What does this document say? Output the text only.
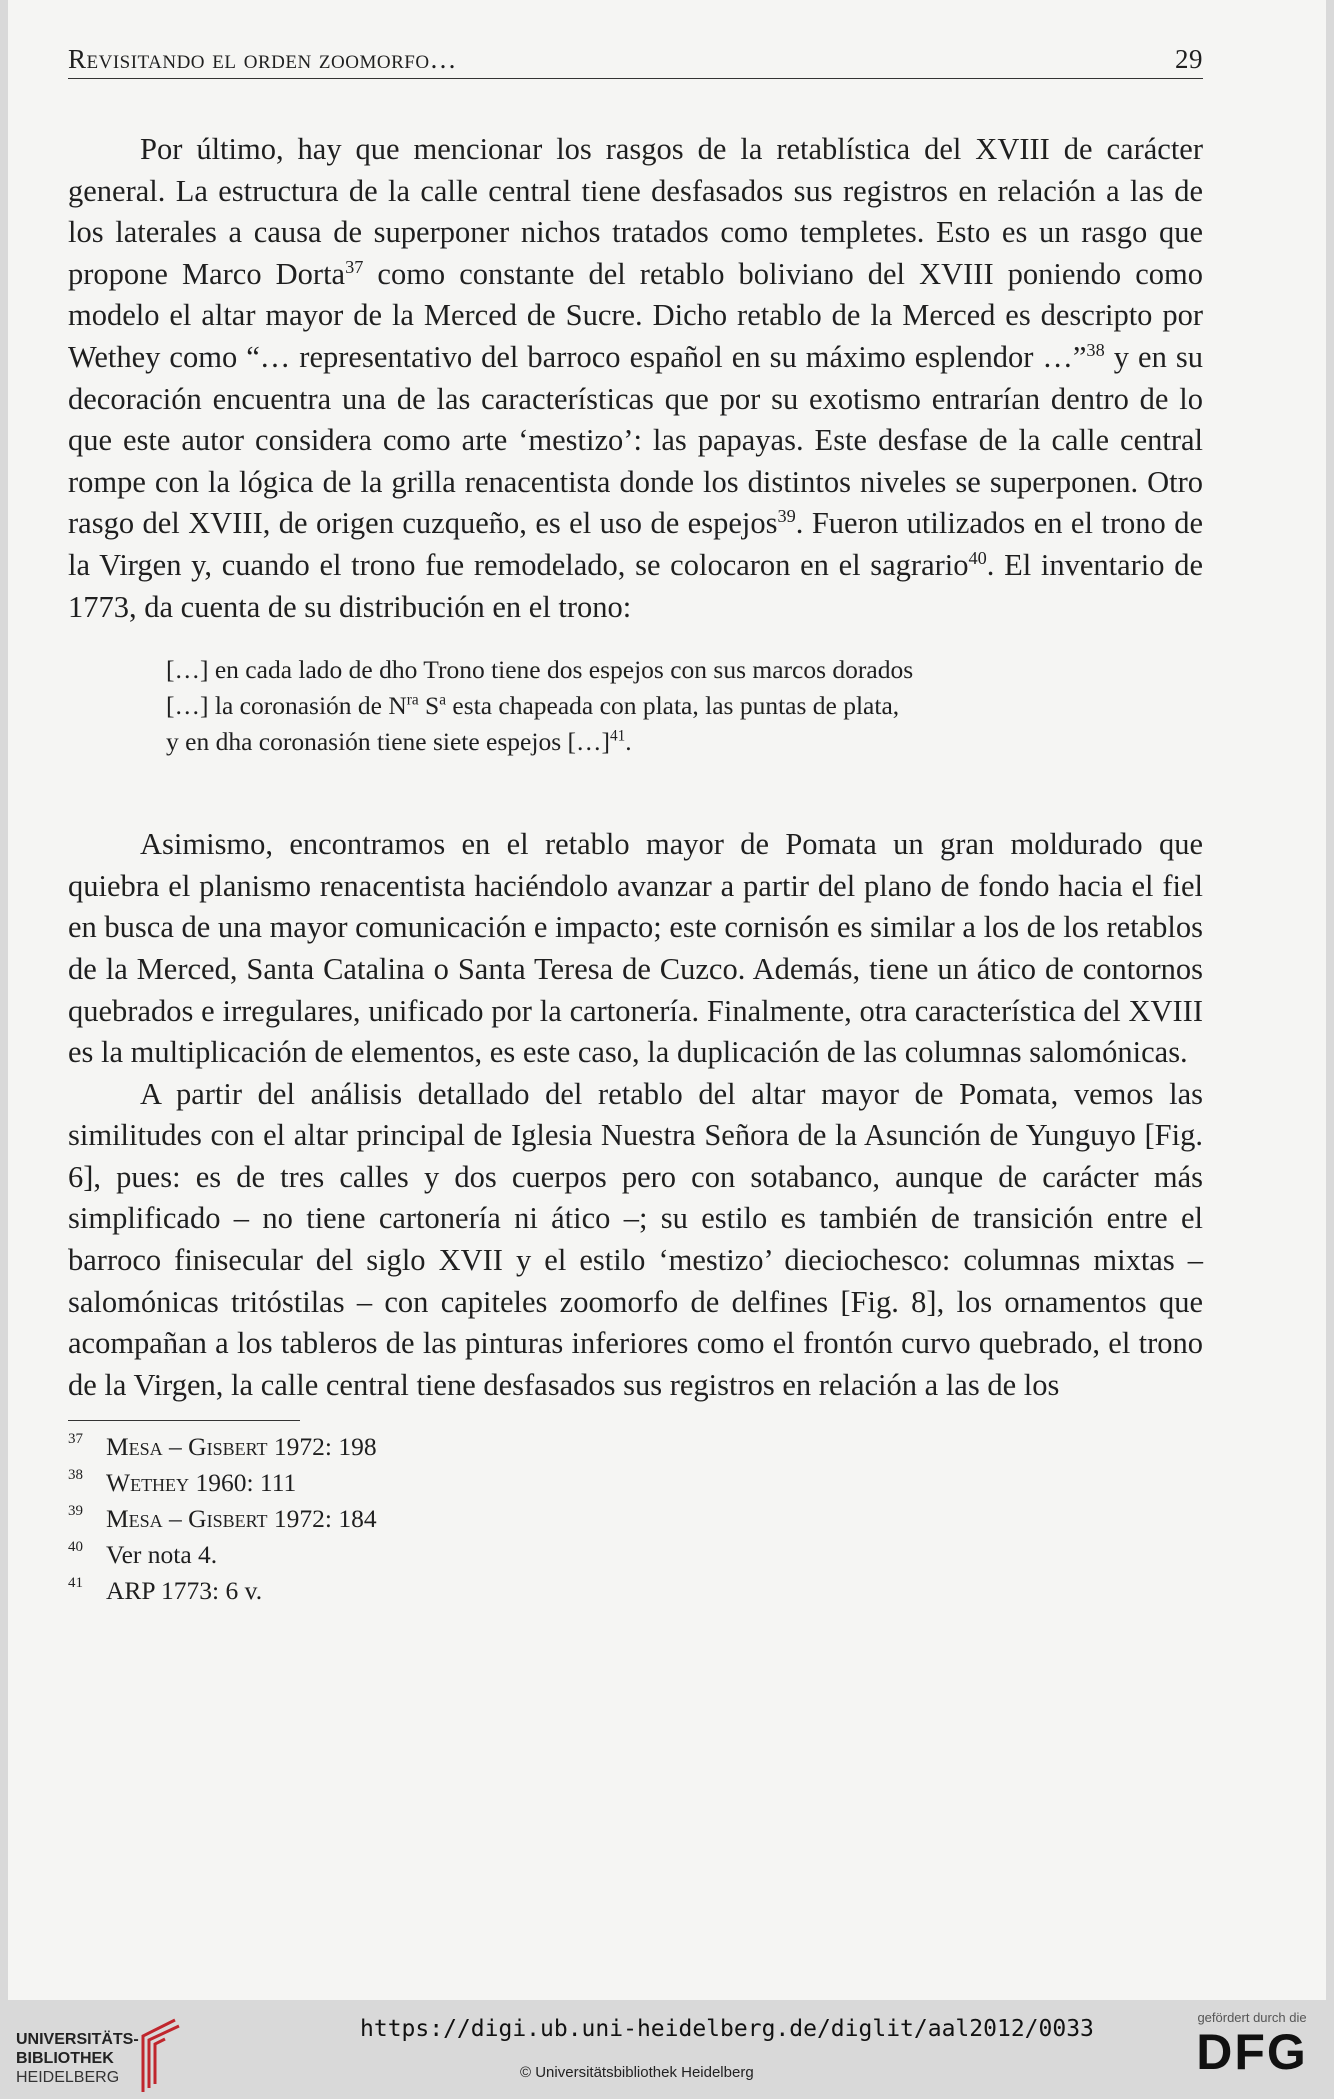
Revisitando el orden zoomorfo…	29

Por último, hay que mencionar los rasgos de la retablística del XVIII de carácter general. La estructura de la calle central tiene desfasados sus registros en relación a las de los laterales a causa de superponer nichos tratados como templetes. Esto es un rasgo que propone Marco Dorta$^{37}$ como constante del retablo boliviano del XVIII poniendo como modelo el altar mayor de la Merced de Sucre. Dicho retablo de la Merced es descripto por Wethey como “… representativo del barroco español en su máximo esplendor …”$^{38}$ y en su decoración encuentra una de las características que por su exotismo entrarían dentro de lo que este autor considera como arte ‘mestizo’: las papayas. Este desfase de la calle central rompe con la lógica de la grilla renacentista donde los distintos niveles se superponen. Otro rasgo del XVIII, de origen cuzqueño, es el uso de espejos$^{39}$. Fueron utilizados en el trono de la Virgen y, cuando el trono fue remodelado, se colocaron en el sagrario$^{40}$. El inventario de 1773, da cuenta de su distribución en el trono:

[…] en cada lado de dho Trono tiene dos espejos con sus marcos dorados
[…] la coronasión de $N^{ra}$ $S^a$ esta chapeada con plata, las puntas de plata,
y en dha coronasión tiene siete espejos […]$^{41}$.

Asimismo, encontramos en el retablo mayor de Pomata un gran moldurado que quiebra el planismo renacentista haciéndolo avanzar a partir del plano de fondo hacia el fiel en busca de una mayor comunicación e impacto; este cornisón es similar a los de los retablos de la Merced, Santa Catalina o Santa Teresa de Cuzco. Además, tiene un ático de contornos quebrados e irregulares, unificado por la cartonería. Finalmente, otra característica del XVIII es la multiplicación de elementos, es este caso, la duplicación de las columnas salomónicas.

A partir del análisis detallado del retablo del altar mayor de Pomata, vemos las similitudes con el altar principal de Iglesia Nuestra Señora de la Asunción de Yunguyo [Fig. 6], pues: es de tres calles y dos cuerpos pero con sotabanco, aunque de carácter más simplificado – no tiene cartonería ni ático –; su estilo es también de transición entre el barroco finisecular del siglo XVII y el estilo ‘mestizo’ dieciochesco: columnas mixtas – salomónicas tritóstilas – con capiteles zoomorfo de delfines [Fig. 8], los ornamentos que acompañan a los tableros de las pinturas inferiores como el frontón curvo quebrado, el trono de la Virgen, la calle central tiene desfasados sus registros en relación a las de los

37 Mesa – Gisbert 1972: 198
38 Wethey 1960: 111
39 Mesa – Gisbert 1972: 184
40 Ver nota 4.
41 ARP 1773: 6 v.
UNIVERSITÄTS-
BIBLIOTHEK
HEIDELBERG
https://digi.ub.uni-heidelberg.de/diglit/aal2012/0033
© Universitätsbibliothek Heidelberg
gefördert durch die
DFG
